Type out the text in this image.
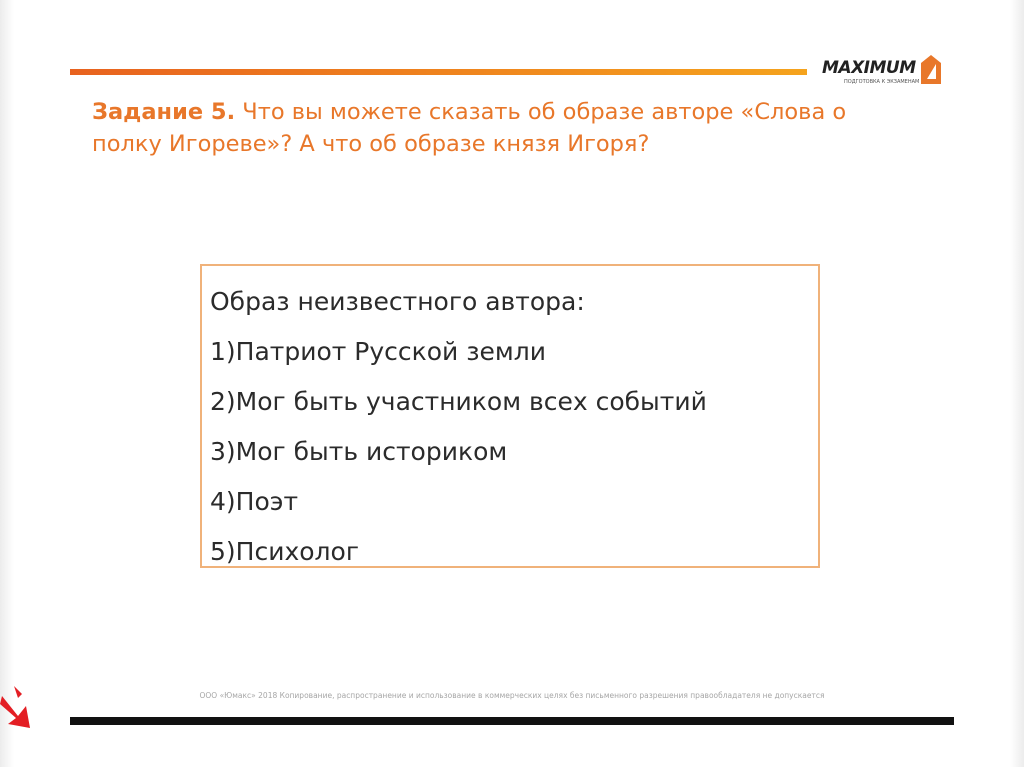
MAXIMUM
ПОДГОТОВКА К ЭКЗАМЕНАМ
Задание 5. Что вы можете сказать об образе авторе «Слова о полку Игореве»? А что об образе князя Игоря?
Образ неизвестного автора:
1)Патриот Русской земли
2)Мог быть участником всех событий
3)Мог быть историком
4)Поэт
5)Психолог
ООО «Юмакс» 2018 Копирование, распространение и использование в коммерческих целях без письменного разрешения правообладателя не допускается
